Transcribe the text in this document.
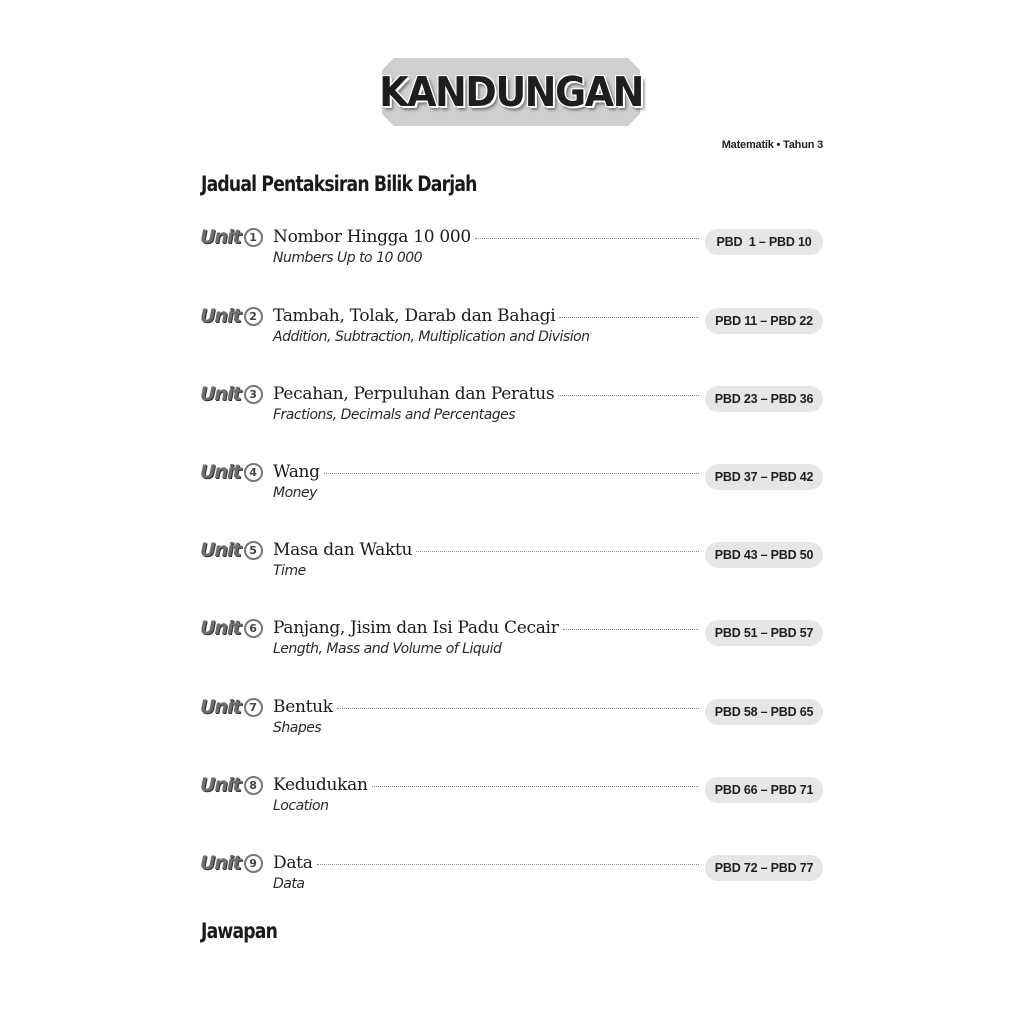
KANDUNGAN
Matematik • Tahun 3
Jadual Pentaksiran Bilik Darjah
Unit 1 Nombor Hingga 10 000
Numbers Up to 10 000
PBD  1 – PBD 10
Unit 2 Tambah, Tolak, Darab dan Bahagi
Addition, Subtraction, Multiplication and Division
PBD 11 – PBD 22
Unit 3 Pecahan, Perpuluhan dan Peratus
Fractions, Decimals and Percentages
PBD 23 – PBD 36
Unit 4 Wang
Money
PBD 37 – PBD 42
Unit 5 Masa dan Waktu
Time
PBD 43 – PBD 50
Unit 6 Panjang, Jisim dan Isi Padu Cecair
Length, Mass and Volume of Liquid
PBD 51 – PBD 57
Unit 7 Bentuk
Shapes
PBD 58 – PBD 65
Unit 8 Kedudukan
Location
PBD 66 – PBD 71
Unit 9 Data
Data
PBD 72 – PBD 77
Jawapan
